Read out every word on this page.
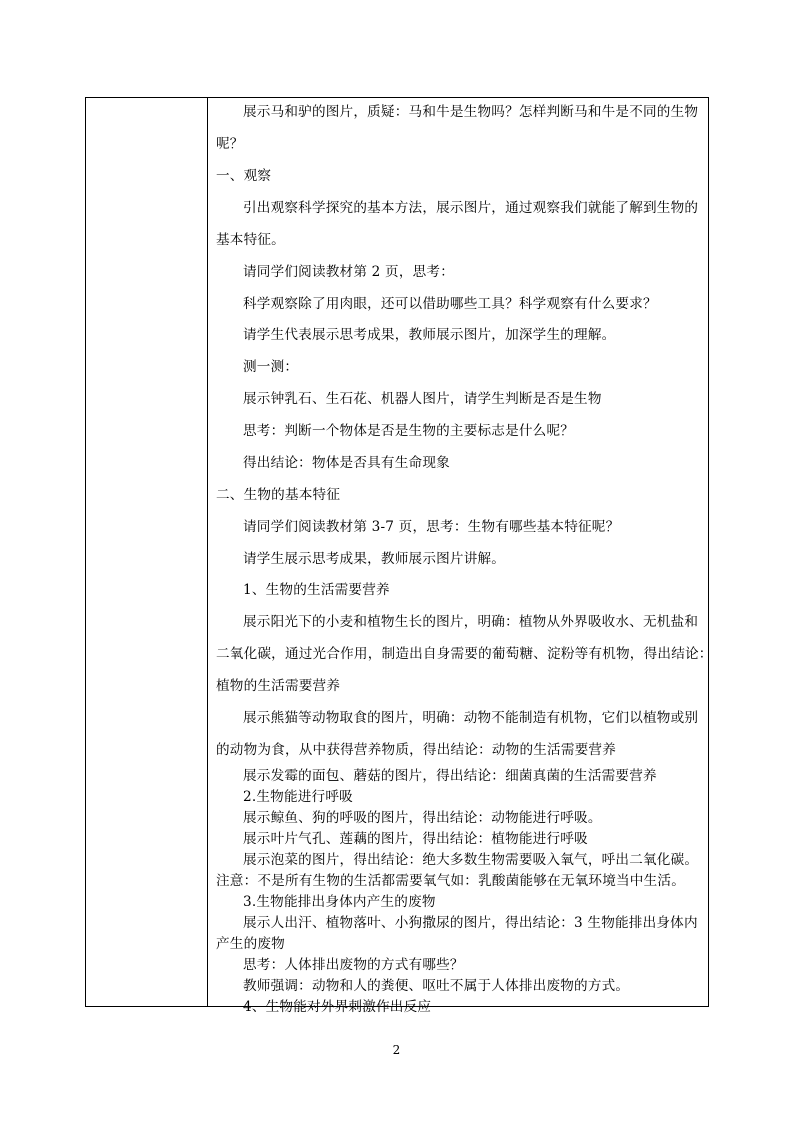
展示马和驴的图片，质疑：马和牛是生物吗？怎样判断马和牛是不同的生物
呢？
一、观察
引出观察科学探究的基本方法，展示图片，通过观察我们就能了解到生物的
基本特征。
请同学们阅读教材第 2 页，思考：
科学观察除了用肉眼，还可以借助哪些工具？科学观察有什么要求？
请学生代表展示思考成果，教师展示图片，加深学生的理解。
测一测：
展示钟乳石、生石花、机器人图片，请学生判断是否是生物
思考：判断一个物体是否是生物的主要标志是什么呢？
得出结论：物体是否具有生命现象
二、生物的基本特征
请同学们阅读教材第 3-7 页，思考：生物有哪些基本特征呢？
请学生展示思考成果，教师展示图片讲解。
1、生物的生活需要营养
展示阳光下的小麦和植物生长的图片，明确：植物从外界吸收水、无机盐和
二氧化碳，通过光合作用，制造出自身需要的葡萄糖、淀粉等有机物，得出结论：
植物的生活需要营养
展示熊猫等动物取食的图片，明确：动物不能制造有机物，它们以植物或别
的动物为食，从中获得营养物质，得出结论：动物的生活需要营养
展示发霉的面包、蘑菇的图片，得出结论：细菌真菌的生活需要营养
2.生物能进行呼吸
展示鲸鱼、狗的呼吸的图片，得出结论：动物能进行呼吸。
展示叶片气孔、莲藕的图片，得出结论：植物能进行呼吸
展示泡菜的图片，得出结论：绝大多数生物需要吸入氧气，呼出二氧化碳。
注意：不是所有生物的生活都需要氧气如：乳酸菌能够在无氧环境当中生活。
3.生物能排出身体内产生的废物
展示人出汗、植物落叶、小狗撒尿的图片，得出结论：3 生物能排出身体内
产生的废物
思考：人体排出废物的方式有哪些？
教师强调：动物和人的粪便、呕吐不属于人体排出废物的方式。
4、生物能对外界刺激作出反应
2
